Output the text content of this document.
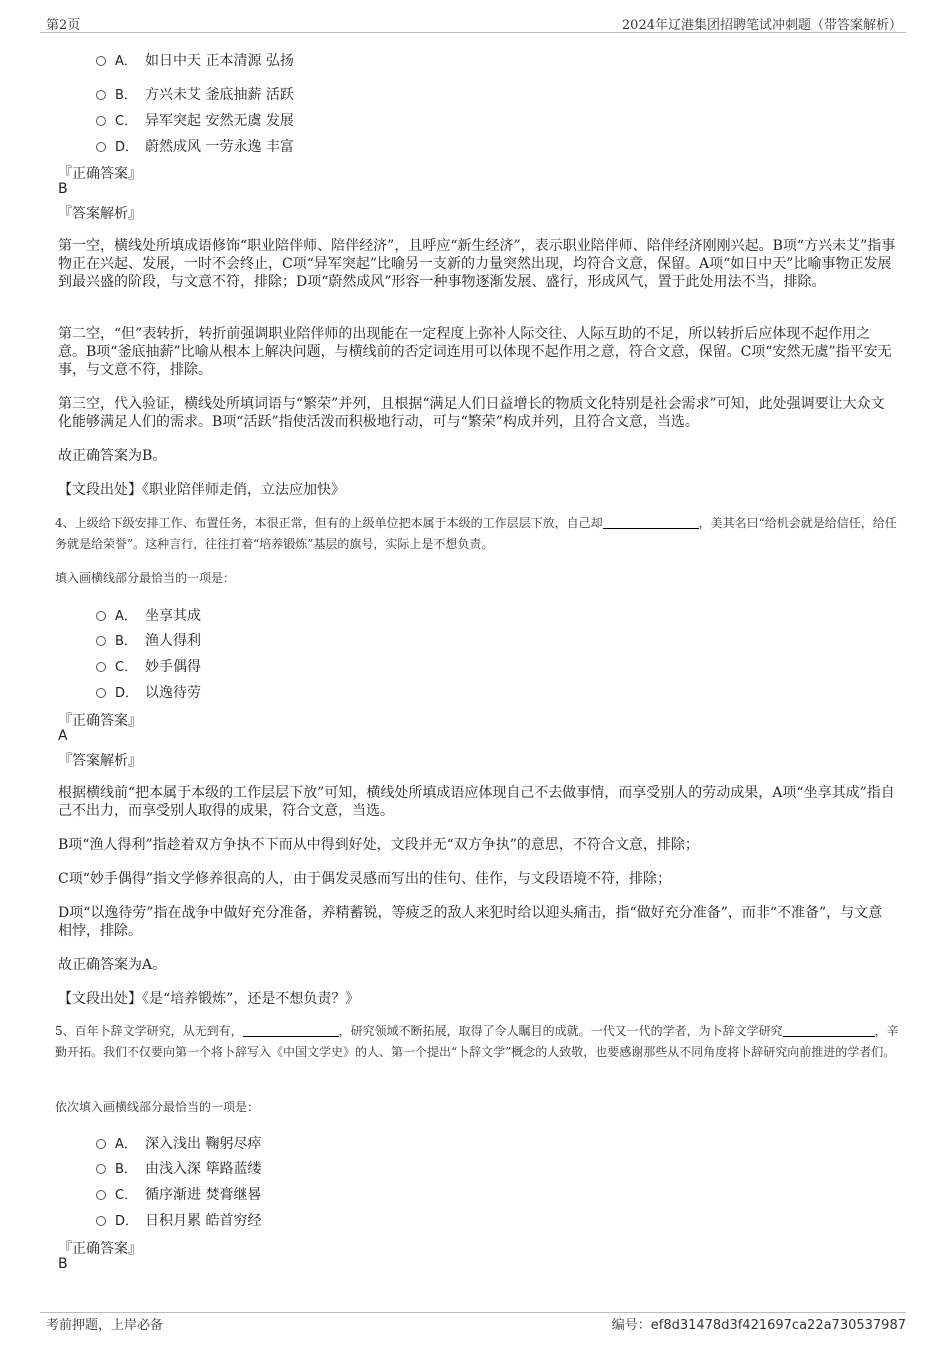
第2页	2024年辽港集团招聘笔试冲刺题（带答案解析）
A． 如日中天 正本清源 弘扬
B． 方兴未艾 釜底抽薪 活跃
C． 异军突起 安然无虞 发展
D． 蔚然成风 一劳永逸 丰富
『正确答案』
B
『答案解析』
第一空，横线处所填成语修饰“职业陪伴师、陪伴经济”，且呼应“新生经济”，表示职业陪伴师、陪伴经济刚刚兴起。B项“方兴未艾”指事物正在兴起、发展，一时不会终止，C项“异军突起”比喻另一支新的力量突然出现，均符合文意，保留。A项“如日中天”比喻事物正发展到最兴盛的阶段，与文意不符，排除；D项“蔚然成风”形容一种事物逐渐发展、盛行，形成风气，置于此处用法不当，排除。
第二空，“但”表转折，转折前强调职业陪伴师的出现能在一定程度上弥补人际交往、人际互助的不足，所以转折后应体现不起作用之意。B项“釜底抽薪”比喻从根本上解决问题，与横线前的否定词连用可以体现不起作用之意，符合文意，保留。C项“安然无虞”指平安无事，与文意不符，排除。
第三空，代入验证，横线处所填词语与“繁荣”并列，且根据“满足人们日益增长的物质文化特别是社会需求”可知，此处强调要让大众文化能够满足人们的需求。B项“活跃”指使活泼而积极地行动，可与“繁荣”构成并列，且符合文意，当选。
故正确答案为B。
【文段出处】《职业陪伴师走俏，立法应加快》
4、上级给下级安排工作、布置任务，本很正常，但有的上级单位把本属于本级的工作层层下放，自己却	，美其名曰“给机会就是给信任，给任务就是给荣誉”。这种言行，往往打着“培养锻炼”基层的旗号，实际上是不想负责。
填入画横线部分最恰当的一项是：
A． 坐享其成
B． 渔人得利
C． 妙手偶得
D． 以逸待劳
『正确答案』
A
『答案解析』
根据横线前“把本属于本级的工作层层下放”可知，横线处所填成语应体现自己不去做事情，而享受别人的劳动成果，A项“坐享其成”指自己不出力，而享受别人取得的成果，符合文意，当选。
B项“渔人得利”指趁着双方争执不下而从中得到好处，文段并无“双方争执”的意思，不符合文意，排除；
C项“妙手偶得”指文学修养很高的人，由于偶发灵感而写出的佳句、佳作，与文段语境不符，排除；
D项“以逸待劳”指在战争中做好充分准备，养精蓄锐，等疲乏的敌人来犯时给以迎头痛击，指“做好充分准备”，而非“不准备”，与文意相悖，排除。
故正确答案为A。
【文段出处】《是“培养锻炼”，还是不想负责？》
5、百年卜辞文学研究，从无到有，	，研究领域不断拓展，取得了令人瞩目的成就。一代又一代的学者，为卜辞文学研究	，辛勤开拓。我们不仅要向第一个将卜辞写入《中国文学史》的人、第一个提出“卜辞文学”概念的人致敬，也要感谢那些从不同角度将卜辞研究向前推进的学者们。
依次填入画横线部分最恰当的一项是：
A． 深入浅出 鞠躬尽瘁
B． 由浅入深 筚路蓝缕
C． 循序渐进 焚膏继晷
D． 日积月累 皓首穷经
『正确答案』
B
考前押题，上岸必备	编号：ef8d31478d3f421697ca22a730537987
